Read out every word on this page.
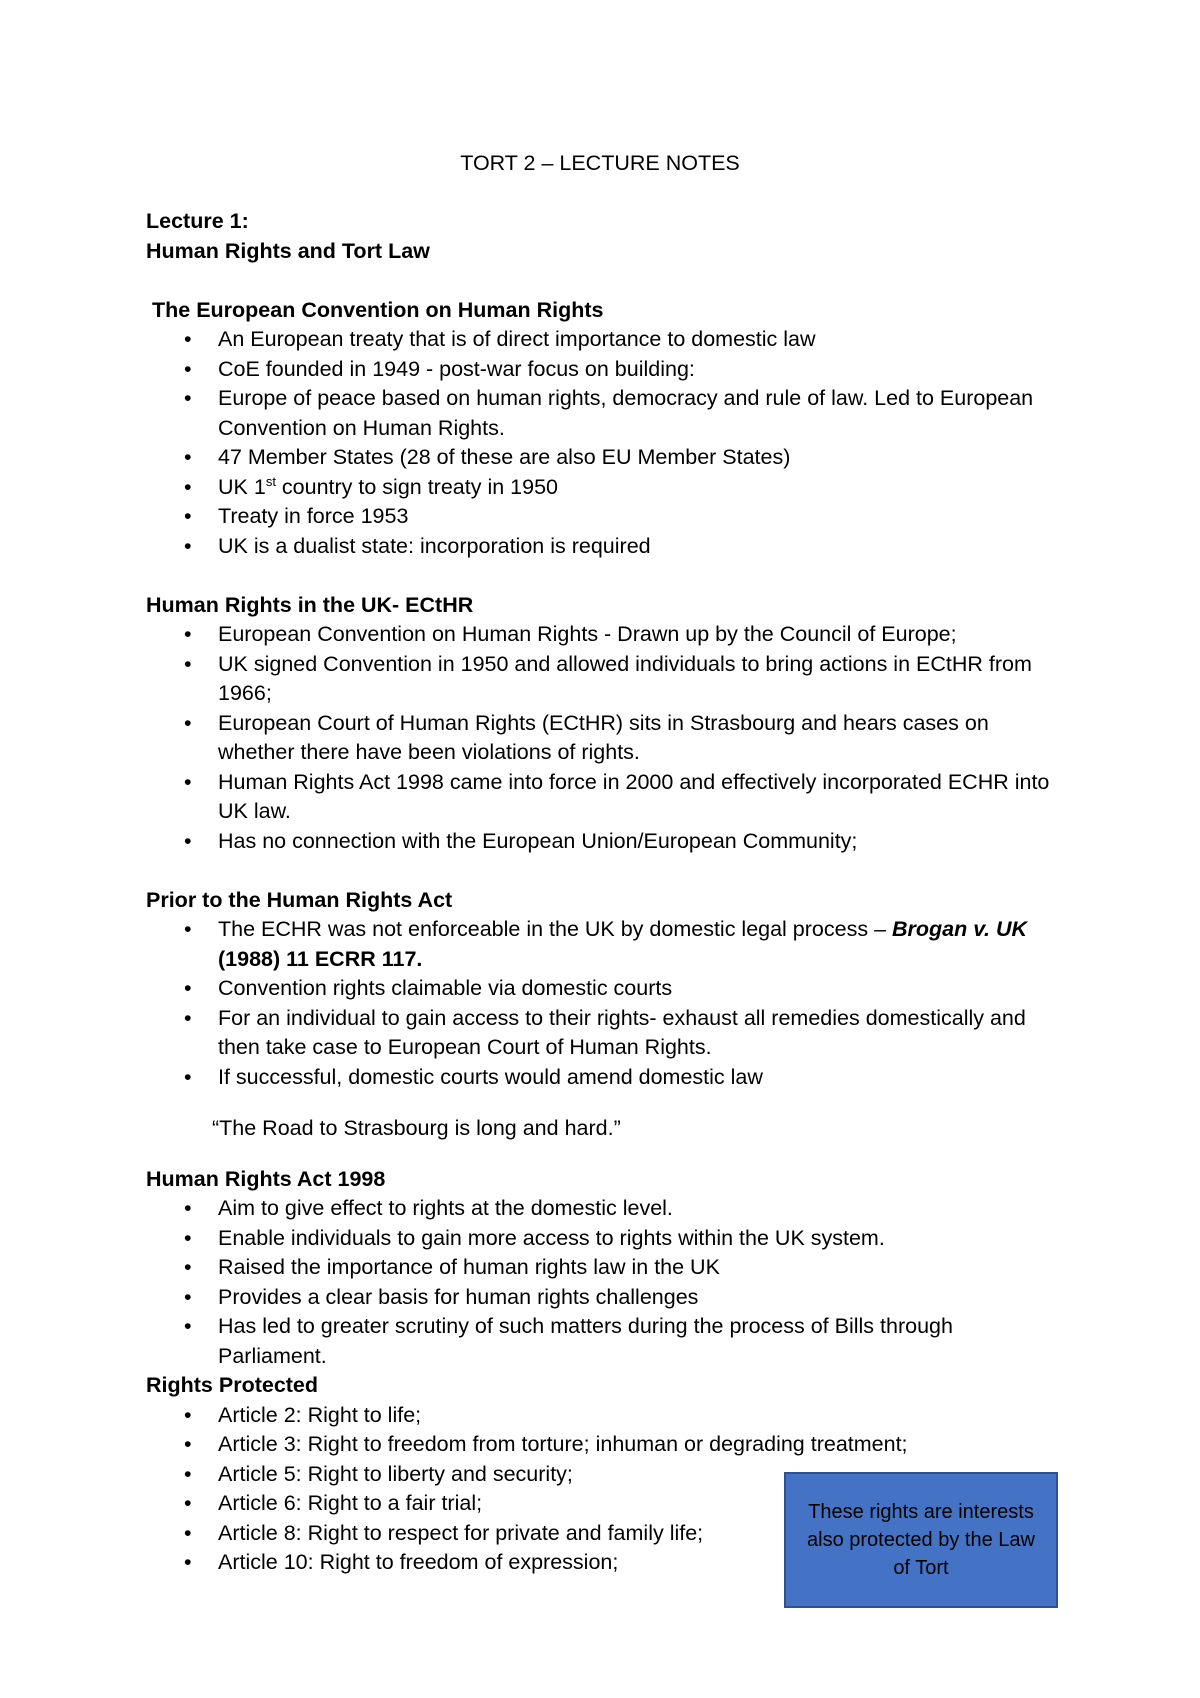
TORT 2 – LECTURE NOTES

Lecture 1:

Human Rights and Tort Law

The European Convention on Human Rights

•	An European treaty that is of direct importance to domestic law
•	CoE founded in 1949 - post-war focus on building:
•	Europe of peace based on human rights, democracy and rule of law. Led to European Convention on Human Rights.
•	47 Member States (28 of these are also EU Member States)
•	UK 1st country to sign treaty in 1950
•	Treaty in force 1953
•	UK is a dualist state: incorporation is required

Human Rights in the UK- ECtHR

•	European Convention on Human Rights - Drawn up by the Council of Europe;
•	UK signed Convention in 1950 and allowed individuals to bring actions in ECtHR from 1966;
•	European Court of Human Rights (ECtHR) sits in Strasbourg and hears cases on whether there have been violations of rights.
•	Human Rights Act 1998 came into force in 2000 and effectively incorporated ECHR into UK law.
•	Has no connection with the European Union/European Community;

Prior to the Human Rights Act

•	The ECHR was not enforceable in the UK by domestic legal process – Brogan v. UK (1988) 11 ECRR 117.
•	Convention rights claimable via domestic courts
•	For an individual to gain access to their rights- exhaust all remedies domestically and then take case to European Court of Human Rights.
•	If successful, domestic courts would amend domestic law

“The Road to Strasbourg is long and hard.”

Human Rights Act 1998

•	Aim to give effect to rights at the domestic level.
•	Enable individuals to gain more access to rights within the UK system.
•	Raised the importance of human rights law in the UK
•	Provides a clear basis for human rights challenges
•	Has led to greater scrutiny of such matters during the process of Bills through Parliament.

Rights Protected

•	Article 2: Right to life;
•	Article 3: Right to freedom from torture; inhuman or degrading treatment;
•	Article 5: Right to liberty and security;
•	Article 6: Right to a fair trial;
•	Article 8: Right to respect for private and family life;
•	Article 10: Right to freedom of expression;
These rights are interests also protected by the Law of Tort
